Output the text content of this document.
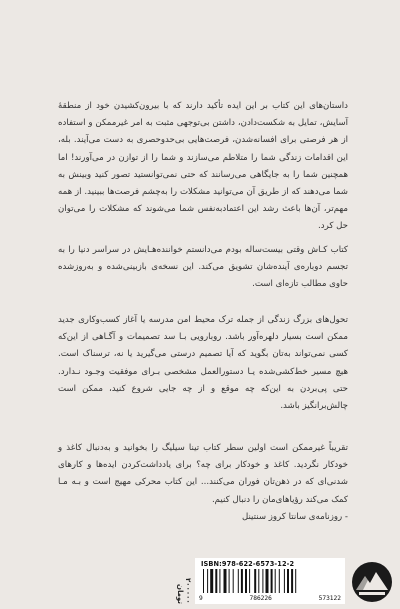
داستان‌های این کتاب بر این ایده تأکید دارند که با بیرون‌کشیدن خود از منطقهٔ آسایش، تمایل به شکست‌دادن، داشتن بی‌توجهی مثبت به امر غیرممکن و استفاده از هر فرصتی برای افسانه‌شدن، فرصت‌هایی بی‌حدوحصری به دست می‌آیند. بله، این اقدامات زندگی شما را متلاطم می‌سازند و شما را از توازن در می‌آورند! اما همچنین شما را به جایگاهی می‌رسانند که حتی نمی‌توانستید تصور کنید وبینش به شما می‌دهند که از طریق آن می‌توانید مشکلات را به‌چشم فرصت‌ها ببینید. از همه مهم‌تر، آن‌ها باعث رشد این اعتمادبه‌نفس شما می‌شوند که مشکلات را می‌توان حل کرد.

کتاب کـاش وقتی بیست‌ساله بودم می‌دانستم خواننده‌هـایش در سراسر دنیا را به تجسم دوباره‌ی آینده‌شان تشویق می‌کند. این نسخه‌ی بازبینی‌شده و به‌روزشده حاوی مطالب تازه‌ای است.

تحول‌های بزرگ زندگی از جمله ترک محیط امن مدرسه یا آغاز کسب‌وکاری جدید ممکن است بسیار دلهره‌آور باشد. روبارویی بـا سد تصمیمات و آگـاهی از این‌که کسی نمی‌تواند به‌تان بگوید که آیا تصمیم درستی می‌گیرید یا نه، ترسناک است. هیچ مسیر خط‌کشی‌شده یـا دستورالعمل مشخصی بـرای موفقیت وجـود نـدارد. حتی پی‌بردن به این‌که چه موقع و از چه جایی شروع کنید، ممکن است چالش‌برانگیز باشد.

تقریباً غیرممکن است اولین سطر کتاب تینا سیلیگ را بخوانید و به‌دنبال کاغذ و خودکار نگردید. کاغذ و خودکار برای چه؟ برای یادداشت‌کردن ایده‌ها و کارهای شدنی‌ای که در ذهن‌تان فوران می‌کنند... این کتاب محرکی مهیج است و بـه مـا کمک می‌کند رؤیاهای‌مان را دنبال کنیم.
- روزنامه‌ی سانتا کروز سنتینل

۲۰۰۰۰۰ تومان
ISBN:978-622-6573-12-2
9	786226	573122
